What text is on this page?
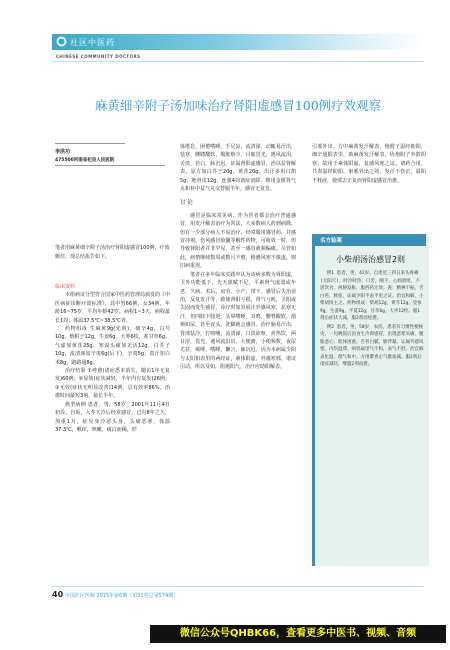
社区中医药
CHINESE COMMUNITY DOCTORS
麻黄细辛附子汤加味治疗肾阳虚感冒100例疗效观察
李洪功
475500河南省杞县人民医院
笔者用麻黄细辛附子汤治疗肾阳虚感冒100例，疗效颇佳，现总结报告如下。

临床资料

本组病证分型符合国家中医药管理局颁发的《中医病症诊断疗效标准》。其中男66例，女34例，年龄16~75岁，平均年龄42岁。病程1~3天，病程最长1周；体温37.5℃~38.5℃者。

药物组成 生麻黄9g(先煎)，细辛4g，白芍10g，炮附子12g，生姜6g，大枣6枚，炙甘草6g。气虚加黄芪25g，寒湿头痛加羌活12g，白芥子10g，流清涕加辛夷6g(后下)，辛夷5g，盗汗加白术8g，路路通8g。

治疗结果 ①痊愈(诸症悉本消失，随访1年无复发)60例；②显效(症状减轻，半年内有复发)26例；③无效(症状无明显改善)14例。总有效率86%。治愈时间最短3剂，最长半年。

典型病例 患者，男，58岁，2001年11月4日初诊。自诉，入冬天冷后经常感冒，已有8年之久，加重1月。症见身冷恶头身，头痛恶寒，体温37.3℃，喉痒，咳嗽，痰白而稀，形

体倦怠，困倦嗜睡，手足凉，流清涕，动辄易汗出，怯寒，腰膝酸软，腹胀纳少，目眩畏光，遇风流泪，舌淡，苔白，脉沉迟。证属肾阳虚感冒，治以益肾解表。原方加白芥子20g，黄芪20g，出汗多用白鹊5g，地骨皮12g，连服4周诸症消除，继用金匮肾气丸和补中益气丸交替服半年，感冒无复发。

讨 论

感冒是临床常见病，作为医者都会治疗普通感冒，用发汗解表治疗为常法，大多数病人药到病除。但有一少部分病人不易治疗，经常服用感冒药，并感冒冲剂、伤风感冒胶囊等解性药物，可收效一时，但导致肾阳者并非罕见，甚至一感冒就频编痛。尽管如此，病情继续数周或数月不愈，稍遇风寒不慎遂，则旧病重现。

笔者在多年临床实践中认为该病多数为肾阳虚，卫外功能低下，先天禀赋不足，平素肾气虚弱或年老、久病、术后、房劳、小产、带下、感冒后失治误治，反复发汗等，致使肾阳亏损，肾气亏耗，卫阳或失固而发生感冒。诊疗时如炎展注外感风寒，恶寒无汗，但四肢下肢逆，头晕嗜睡，耳鸣，腰脊酸软，溺频如尿，甚至夜头、洗脚就会感冒。治疗脑易汗出，背部怯冷，打喷嚏，流清涕，口淡欲呕，喜热饮，两目涩，畏光，遇风流泪出，大便溏，小便频数，夜尿尤甚，痰唾，嗜睡，懒言，脉沉迟。因为本病属少阴与太阳相表里的两经证，素体阳虚，外感寒邪，诸证引动，所以及如，阻遏阳气，治疗应助阳解表。

引邪外出。方中麻黄发汗解表，炮附子温经助阳，细辛通阳表里，助麻黄发汗解表，协炮附子外散阴寒，故用于素体阳虚，复感风寒之证。诸药合用，共奏温经助阳、驱邪外出之效，发汗不伤正，温阳不耗液，使邪去正复而肾阳虚感冒治愈。

名方验案
小柴胡汤治感冒2则

例1 患者，男，42岁。自述近三四日来头疼痛(太阳穴)，时冷时热，口苦，咽干，心烦欲呕，不思饮食，两胁发胀，服西药无效。查：精神不振，舌白苔，脉弦，证属少阳半表半里之证。治宜和解，小柴胡汤主之。药物组成：柴胡12g，黄芩12g，党参9g，生姜9g，半夏12g，甘草6g，大枣12枚。服1剂后症状大减，服2剂而痊愈。

例2 患者，男，58岁，农民。患者有习惯性便秘史，一旬晚饭后因食生冷即感冒，出现恶寒头痛，腹胀恶心，肢体困重。舌苔白腻，脉浮紧。证属外感风寒，内伤湿滞。病机属里气不和，表气不舒。治宜解表化湿，理气和中。方用藿香正气散加减。服2剂后诸症减轻，继服2剂而愈。

40 中国社区医师 2015年第6期（第31卷总第574期）
微信公众号QHBK66，查看更多中医书、视频、音频
